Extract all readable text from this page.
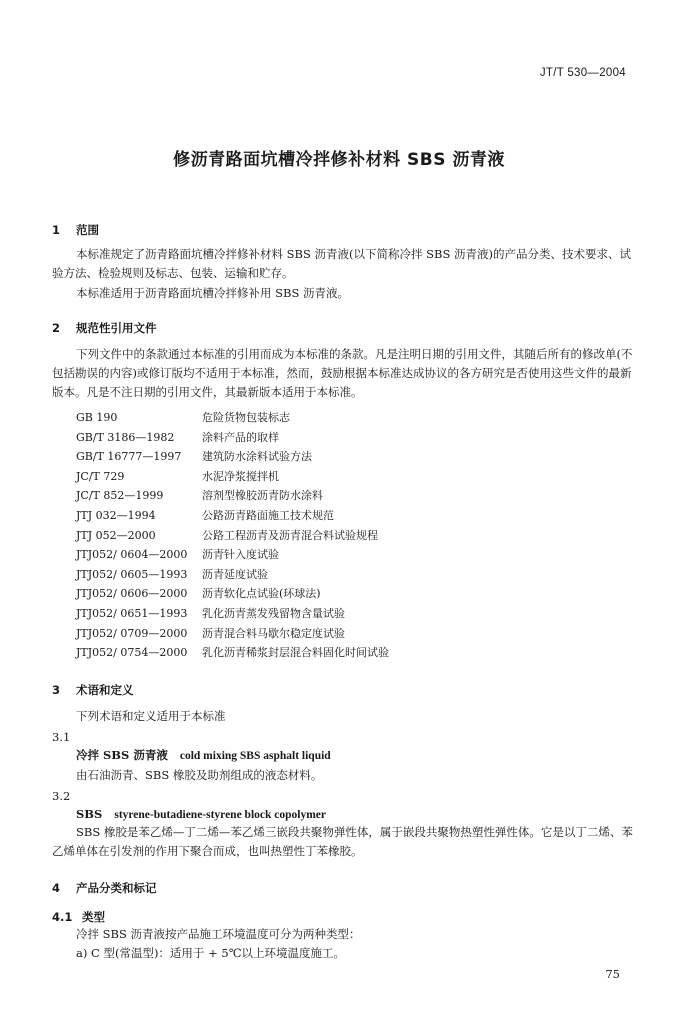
JT/T 530—2004
修沥青路面坑槽冷拌修补材料 SBS 沥青液
1 范围
本标准规定了沥青路面坑槽冷拌修补材料 SBS 沥青液(以下简称冷拌 SBS 沥青液)的产品分类、技术要求、试验方法、检验规则及标志、包装、运输和贮存。
本标准适用于沥青路面坑槽冷拌修补用 SBS 沥青液。
2 规范性引用文件
下列文件中的条款通过本标准的引用而成为本标准的条款。凡是注明日期的引用文件，其随后所有的修改单(不包括勘误的内容)或修订版均不适用于本标准，然而，鼓励根据本标准达成协议的各方研究是否使用这些文件的最新版本。凡是不注日期的引用文件，其最新版本适用于本标准。
GB 190	危险货物包装标志
GB/T 3186—1982	涂料产品的取样
GB/T 16777—1997 建筑防水涂料试验方法
JC/T 729	水泥净浆搅拌机
JC/T 852—1999	溶剂型橡胶沥青防水涂料
JTJ 032—1994	公路沥青路面施工技术规范
JTJ 052—2000	公路工程沥青及沥青混合料试验规程
JTJ052/ 0604—2000 沥青针入度试验
JTJ052/ 0605—1993 沥青延度试验
JTJ052/ 0606—2000 沥青软化点试验(环球法)
JTJ052/ 0651—1993 乳化沥青蒸发残留物含量试验
JTJ052/ 0709—2000 沥青混合料马歇尔稳定度试验
JTJ052/ 0754—2000 乳化沥青稀浆封层混合料固化时间试验
3 术语和定义
下列术语和定义适用于本标准
3.1
冷拌 SBS 沥青液 cold mixing SBS asphalt liquid
由石油沥青、SBS 橡胶及助剂组成的液态材料。
3.2
SBS styrene-butadiene-styrene block copolymer
SBS 橡胶是苯乙烯—丁二烯—苯乙烯三嵌段共聚物弹性体，属于嵌段共聚物热塑性弹性体。它是以丁二烯、苯乙烯单体在引发剂的作用下聚合而成，也叫热塑性丁苯橡胶。
4 产品分类和标记
4.1 类型
冷拌 SBS 沥青液按产品施工环境温度可分为两种类型：
a) C 型(常温型)：适用于 + 5℃以上环境温度施工。
75
